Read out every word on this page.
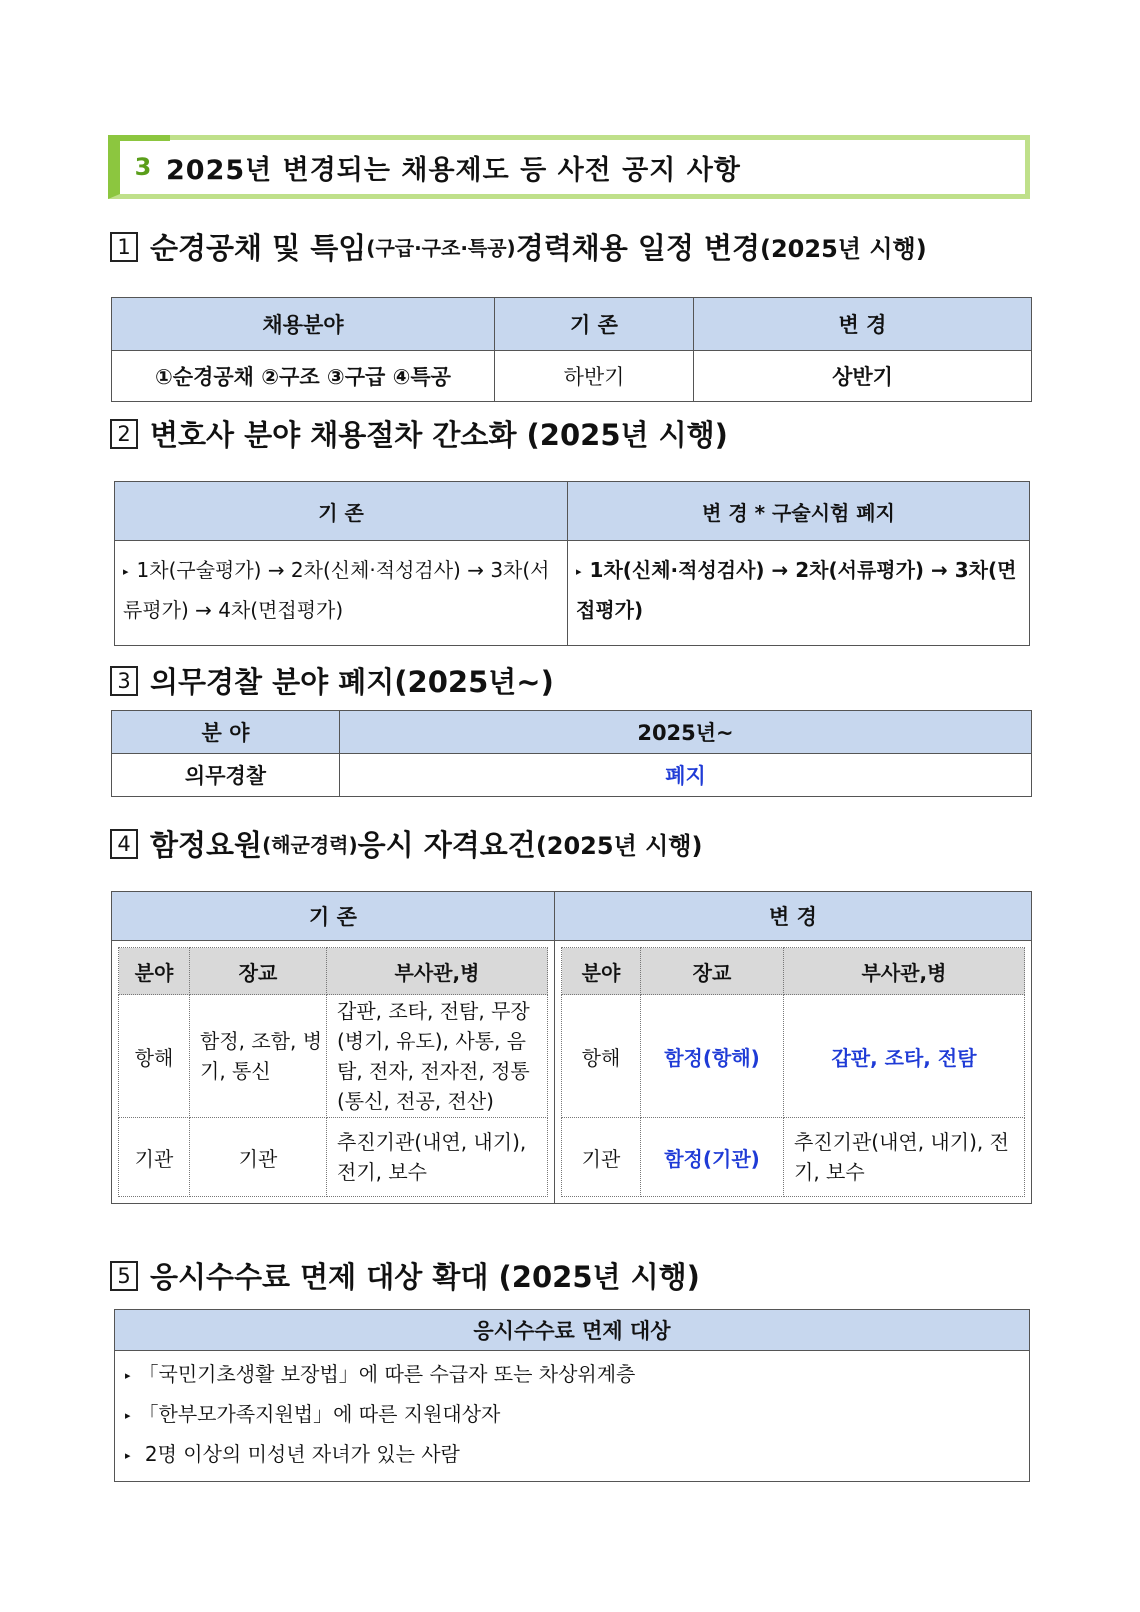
3 2025년 변경되는 채용제도 등 사전 공지 사항
1 순경공채 및 특임 (구급·구조·특공) 경력채용 일정 변경 (2025년 시행)
채용분야	기 존	변 경
①순경공채 ②구조 ③구급 ④특공	하반기	상반기
2 변호사 분야 채용절차 간소화 (2025년 시행)
기 존	변 경 * 구술시험 폐지
▸ 1차(구술평가) → 2차(신체·적성검사) → 3차(서류평가) → 4차(면접평가)	▸ 1차(신체·적성검사) → 2차(서류평가) → 3차(면접평가)
3 의무경찰 분야 폐지(2025년~)
분 야	2025년~
의무경찰	폐지
4 함정요원 (해군경력) 응시 자격요건 (2025년 시행)
기 존	변 경

분야	장교	부사관,병
항해	함정, 조함, 병기, 통신	갑판, 조타, 전탐, 무장(병기, 유도), 사통, 음탐, 전자, 전자전, 정통(통신, 전공, 전산)
기관	기관	추진기관(내연, 내기), 전기, 보수

분야	장교	부사관,병
항해	함정(항해)	갑판, 조타, 전탐
기관	함정(기관)	추진기관(내연, 내기), 전기, 보수
5 응시수수료 면제 대상 확대 (2025년 시행)
응시수수료 면제 대상

▸ 「국민기초생활 보장법」에 따른 수급자 또는 차상위계층
▸ 「한부모가족지원법」에 따른 지원대상자
▸ 2명 이상의 미성년 자녀가 있는 사람
